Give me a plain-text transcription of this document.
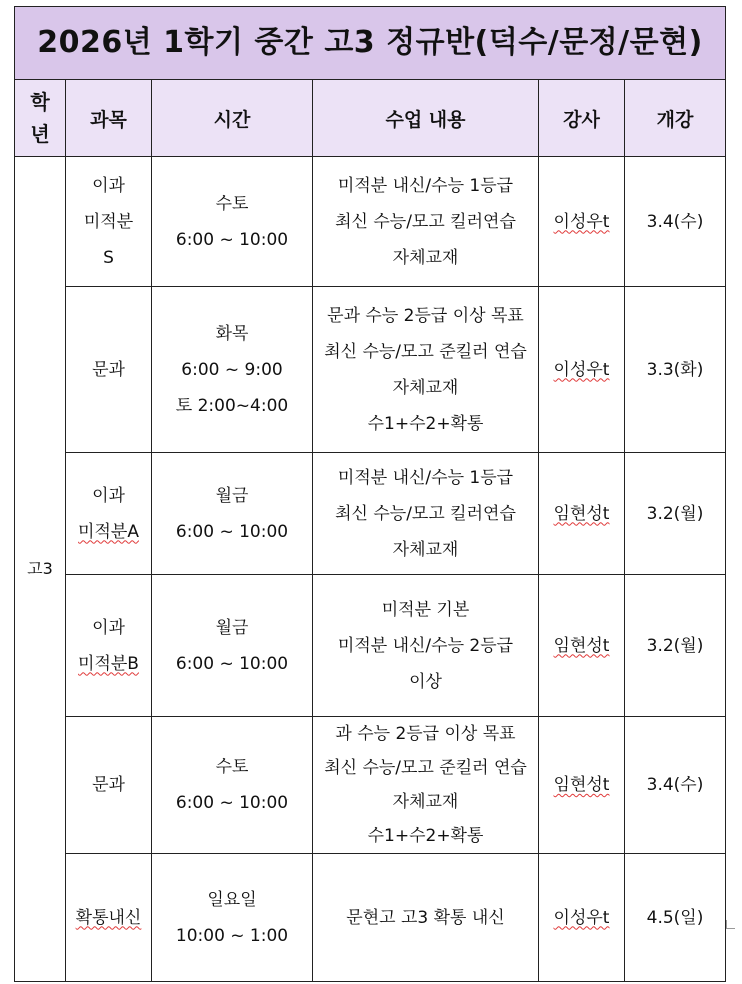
2026년 1학기 중간 고3 정규반(덕수/문정/문현)					

학
년	과목	시간	수업 내용	강사	개강
고3	이과
미적분
S	수토
6:00 ~ 10:00	미적분 내신/수능 1등급
최신 수능/모고 킬러연습
자체교재	이성우t	3.4(수)

	문과	화목
6:00 ~ 9:00
토 2:00~4:00	문과 수능 2등급 이상 목표
최신 수능/모고 준킬러 연습
자체교재
수1+수2+확통	이성우t	3.3(화)

	이과
미적분A	월금
6:00 ~ 10:00	미적분 내신/수능 1등급
최신 수능/모고 킬러연습
자체교재	임현성t	3.2(월)

	이과
미적분B	월금
6:00 ~ 10:00	미적분 기본
미적분 내신/수능 2등급
이상	임현성t	3.2(월)

	문과	수토
6:00 ~ 10:00	과 수능 2등급 이상 목표
최신 수능/모고 준킬러 연습
자체교재
수1+수2+확통	임현성t	3.4(수)

	확통내신	일요일
10:00 ~ 1:00	문현고 고3 확통 내신	이성우t	4.5(일)
